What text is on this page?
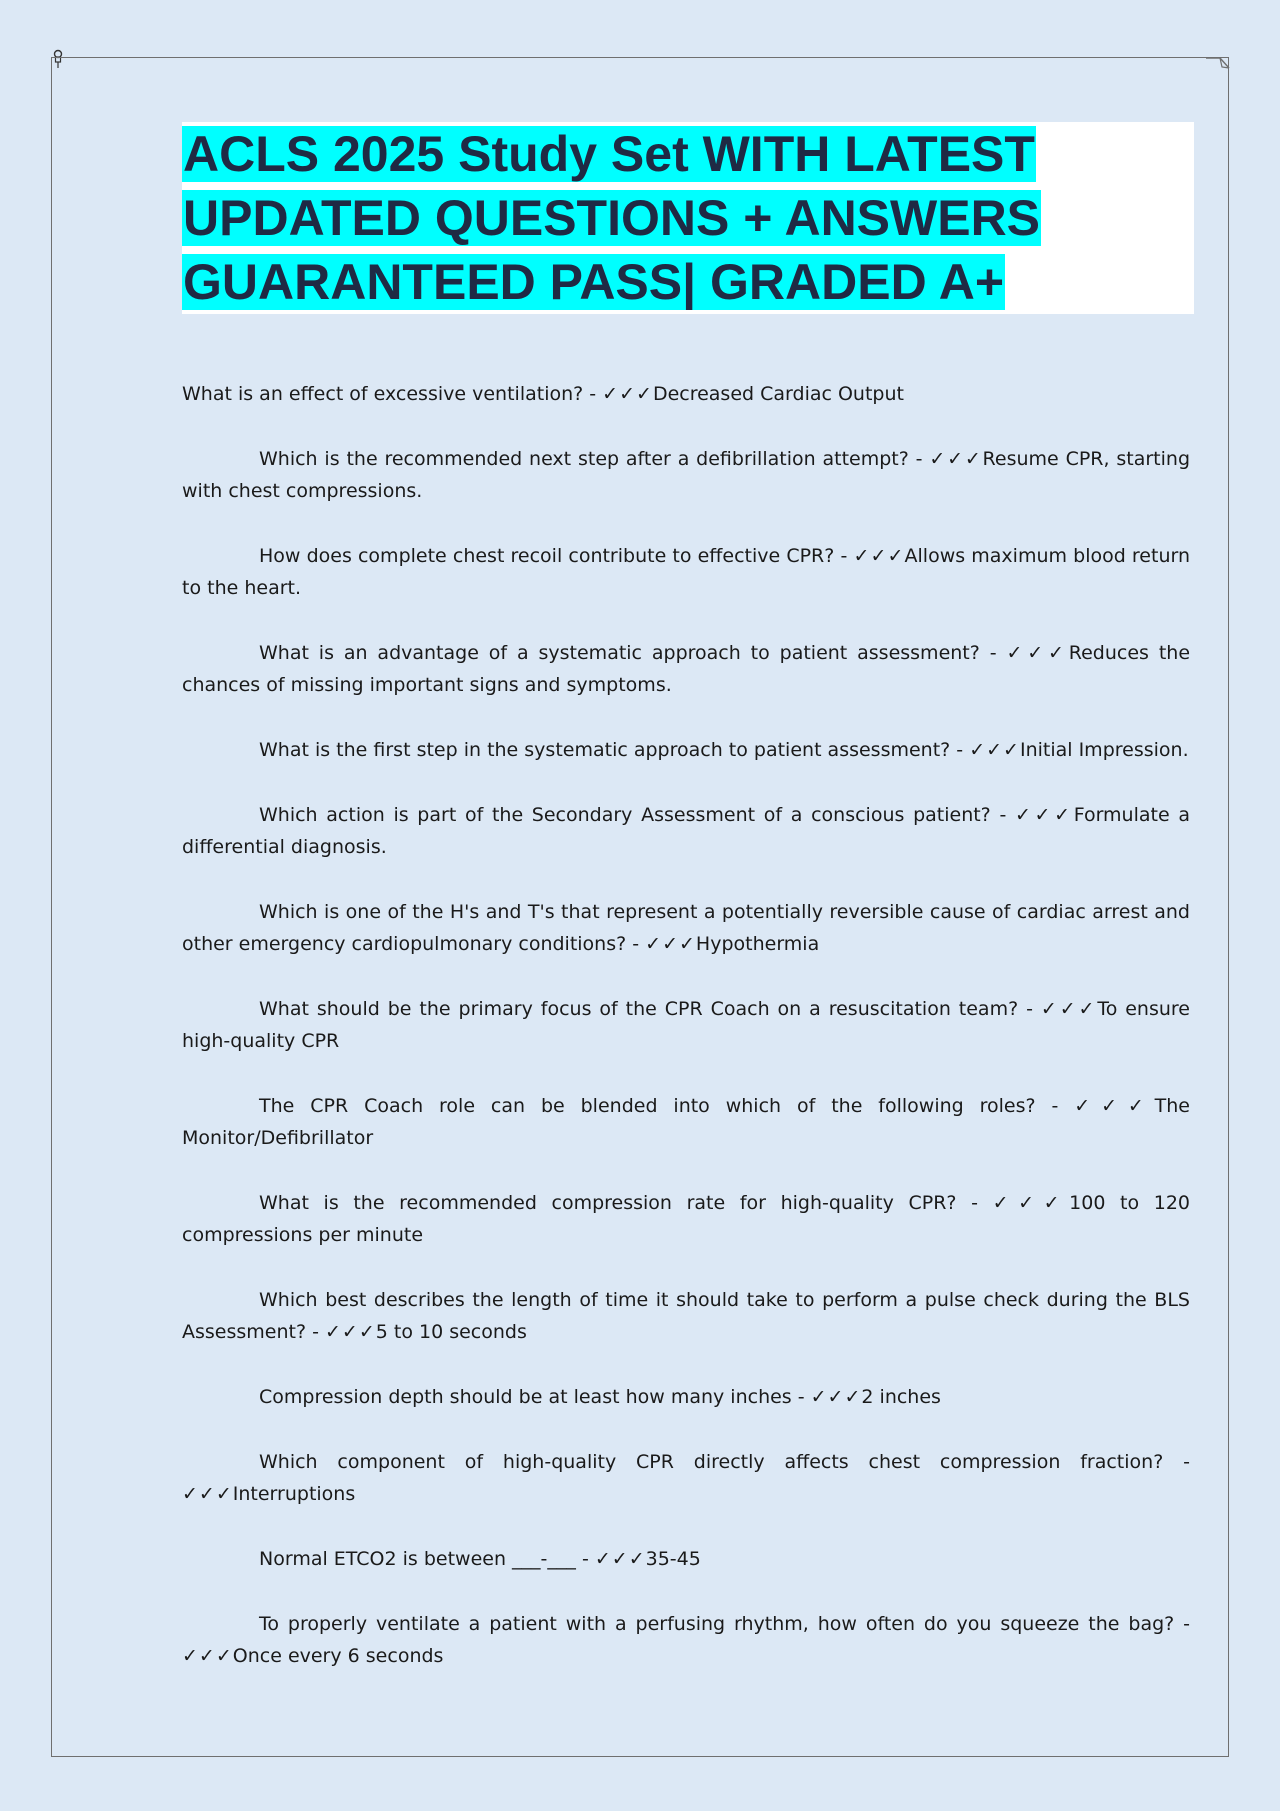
ACLS 2025 Study Set WITH LATEST
UPDATED QUESTIONS + ANSWERS
GUARANTEED PASS| GRADED A+

What is an effect of excessive ventilation? - ✓✓✓Decreased Cardiac Output

Which is the recommended next step after a defibrillation attempt? - ✓✓✓Resume CPR, starting with chest compressions.

How does complete chest recoil contribute to effective CPR? - ✓✓✓Allows maximum blood return to the heart.

What is an advantage of a systematic approach to patient assessment? - ✓✓✓Reduces the chances of missing important signs and symptoms.

What is the first step in the systematic approach to patient assessment? - ✓✓✓Initial Impression.

Which action is part of the Secondary Assessment of a conscious patient? - ✓✓✓Formulate a differential diagnosis.

Which is one of the H's and T's that represent a potentially reversible cause of cardiac arrest and other emergency cardiopulmonary conditions? - ✓✓✓Hypothermia

What should be the primary focus of the CPR Coach on a resuscitation team? - ✓✓✓To ensure high-quality CPR

The CPR Coach role can be blended into which of the following roles? - ✓✓✓The Monitor/Defibrillator

What is the recommended compression rate for high-quality CPR? - ✓✓✓100 to 120 compressions per minute

Which best describes the length of time it should take to perform a pulse check during the BLS Assessment? - ✓✓✓5 to 10 seconds

Compression depth should be at least how many inches - ✓✓✓2 inches

Which component of high-quality CPR directly affects chest compression fraction? - ✓✓✓Interruptions

Normal ETCO2 is between ___-___ - ✓✓✓35-45

To properly ventilate a patient with a perfusing rhythm, how often do you squeeze the bag? - ✓✓✓Once every 6 seconds
